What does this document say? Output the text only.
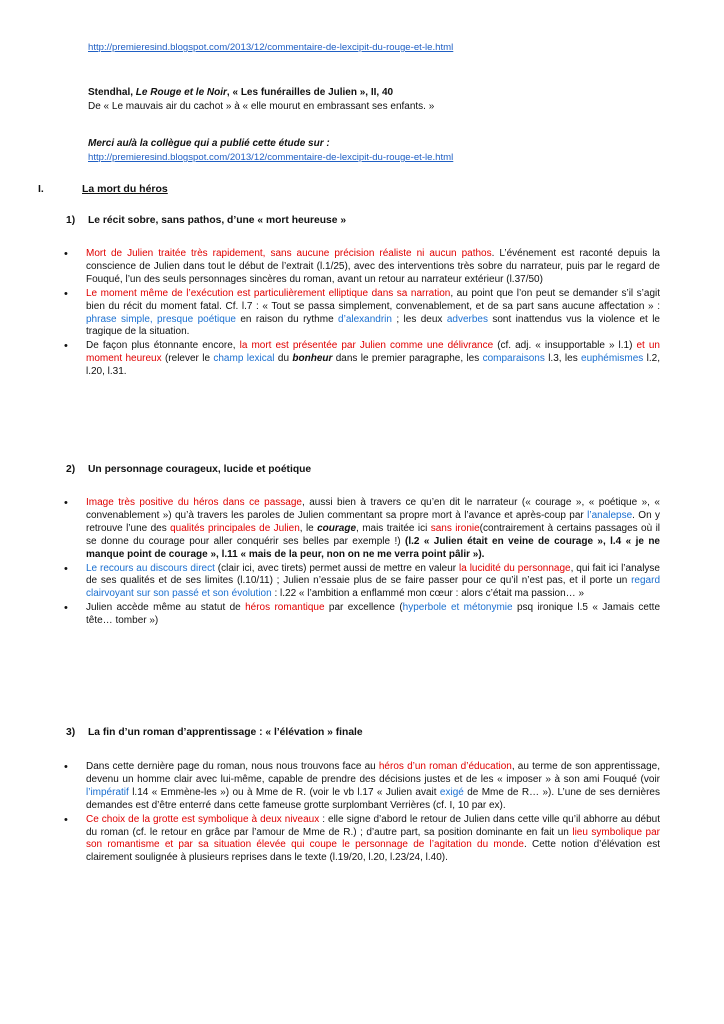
http://premieresind.blogspot.com/2013/12/commentaire-de-lexcipit-du-rouge-et-le.html
Stendhal, Le Rouge et le Noir, « Les funérailles de Julien », II, 40
De « Le mauvais air du cachot » à « elle mourut en embrassant ses enfants. »
Merci au/à la collègue qui a publié cette étude sur :
http://premieresind.blogspot.com/2013/12/commentaire-de-lexcipit-du-rouge-et-le.html
I.	La mort du héros
1) Le récit sobre, sans pathos, d’une « mort heureuse »
• Mort de Julien traitée très rapidement, sans aucune précision réaliste ni aucun pathos. L’événement est raconté depuis la conscience de Julien dans tout le début de l’extrait (l.1/25), avec des interventions très sobre du narrateur, puis par le regard de Fouqué, l’un des seuls personnages sincères du roman, avant un retour au narrateur extérieur (l.37/50)
• Le moment même de l’exécution est particulièrement elliptique dans sa narration, au point que l’on peut se demander s’il s’agit bien du récit du moment fatal. Cf. l.7 : « Tout se passa simplement, convenablement, et de sa part sans aucune affectation » : phrase simple, presque poétique en raison du rythme d’alexandrin ; les deux adverbes sont inattendus vus la violence et le tragique de la situation.
• De façon plus étonnante encore, la mort est présentée par Julien comme une délivrance (cf. adj. « insupportable » l.1) et un moment heureux (relever le champ lexical du bonheur dans le premier paragraphe, les comparaisons l.3, les euphémismes l.2, l.20, l.31.
2) Un personnage courageux, lucide et poétique
• Image très positive du héros dans ce passage, aussi bien à travers ce qu’en dit le narrateur (« courage », « poétique », « convenablement ») qu’à travers les paroles de Julien commentant sa propre mort à l’avance et après-coup par l’analepse. On y retrouve l’une des qualités principales de Julien, le courage, mais traitée ici sans ironie(contrairement à certains passages où il se donne du courage pour aller conquérir ses belles par exemple !) (l.2 « Julien était en veine de courage », l.4 « je ne manque point de courage », l.11 « mais de la peur, non on ne me verra point pâlir »).
• Le recours au discours direct (clair ici, avec tirets) permet aussi de mettre en valeur la lucidité du personnage, qui fait ici l’analyse de ses qualités et de ses limites (l.10/11) ; Julien n’essaie plus de se faire passer pour ce qu’il n’est pas, et il porte un regard clairvoyant sur son passé et son évolution : l.22 « l’ambition a enflammé mon cœur : alors c’était ma passion… »
• Julien accède même au statut de héros romantique par excellence (hyperbole et métonymie psq ironique l.5 « Jamais cette tête… tomber »)
3) La fin d’un roman d’apprentissage : « l’élévation » finale
• Dans cette dernière page du roman, nous nous trouvons face au héros d’un roman d’éducation, au terme de son apprentissage, devenu un homme clair avec lui-même, capable de prendre des décisions justes et de les « imposer » à son ami Fouqué (voir l’impératif l.14 « Emmène-les ») ou à Mme de R. (voir le vb l.17 « Julien avait exigé de Mme de R… »). L’une de ses dernières demandes est d’être enterré dans cette fameuse grotte surplombant Verrières (cf. I, 10 par ex).
• Ce choix de la grotte est symbolique à deux niveaux : elle signe d’abord le retour de Julien dans cette ville qu’il abhorre au début du roman (cf. le retour en grâce par l’amour de Mme de R.) ; d’autre part, sa position dominante en fait un lieu symbolique par son romantisme et par sa situation élevée qui coupe le personnage de l’agitation du monde. Cette notion d’élévation est clairement soulignée à plusieurs reprises dans le texte (l.19/20, l.20, l.23/24, l.40).
